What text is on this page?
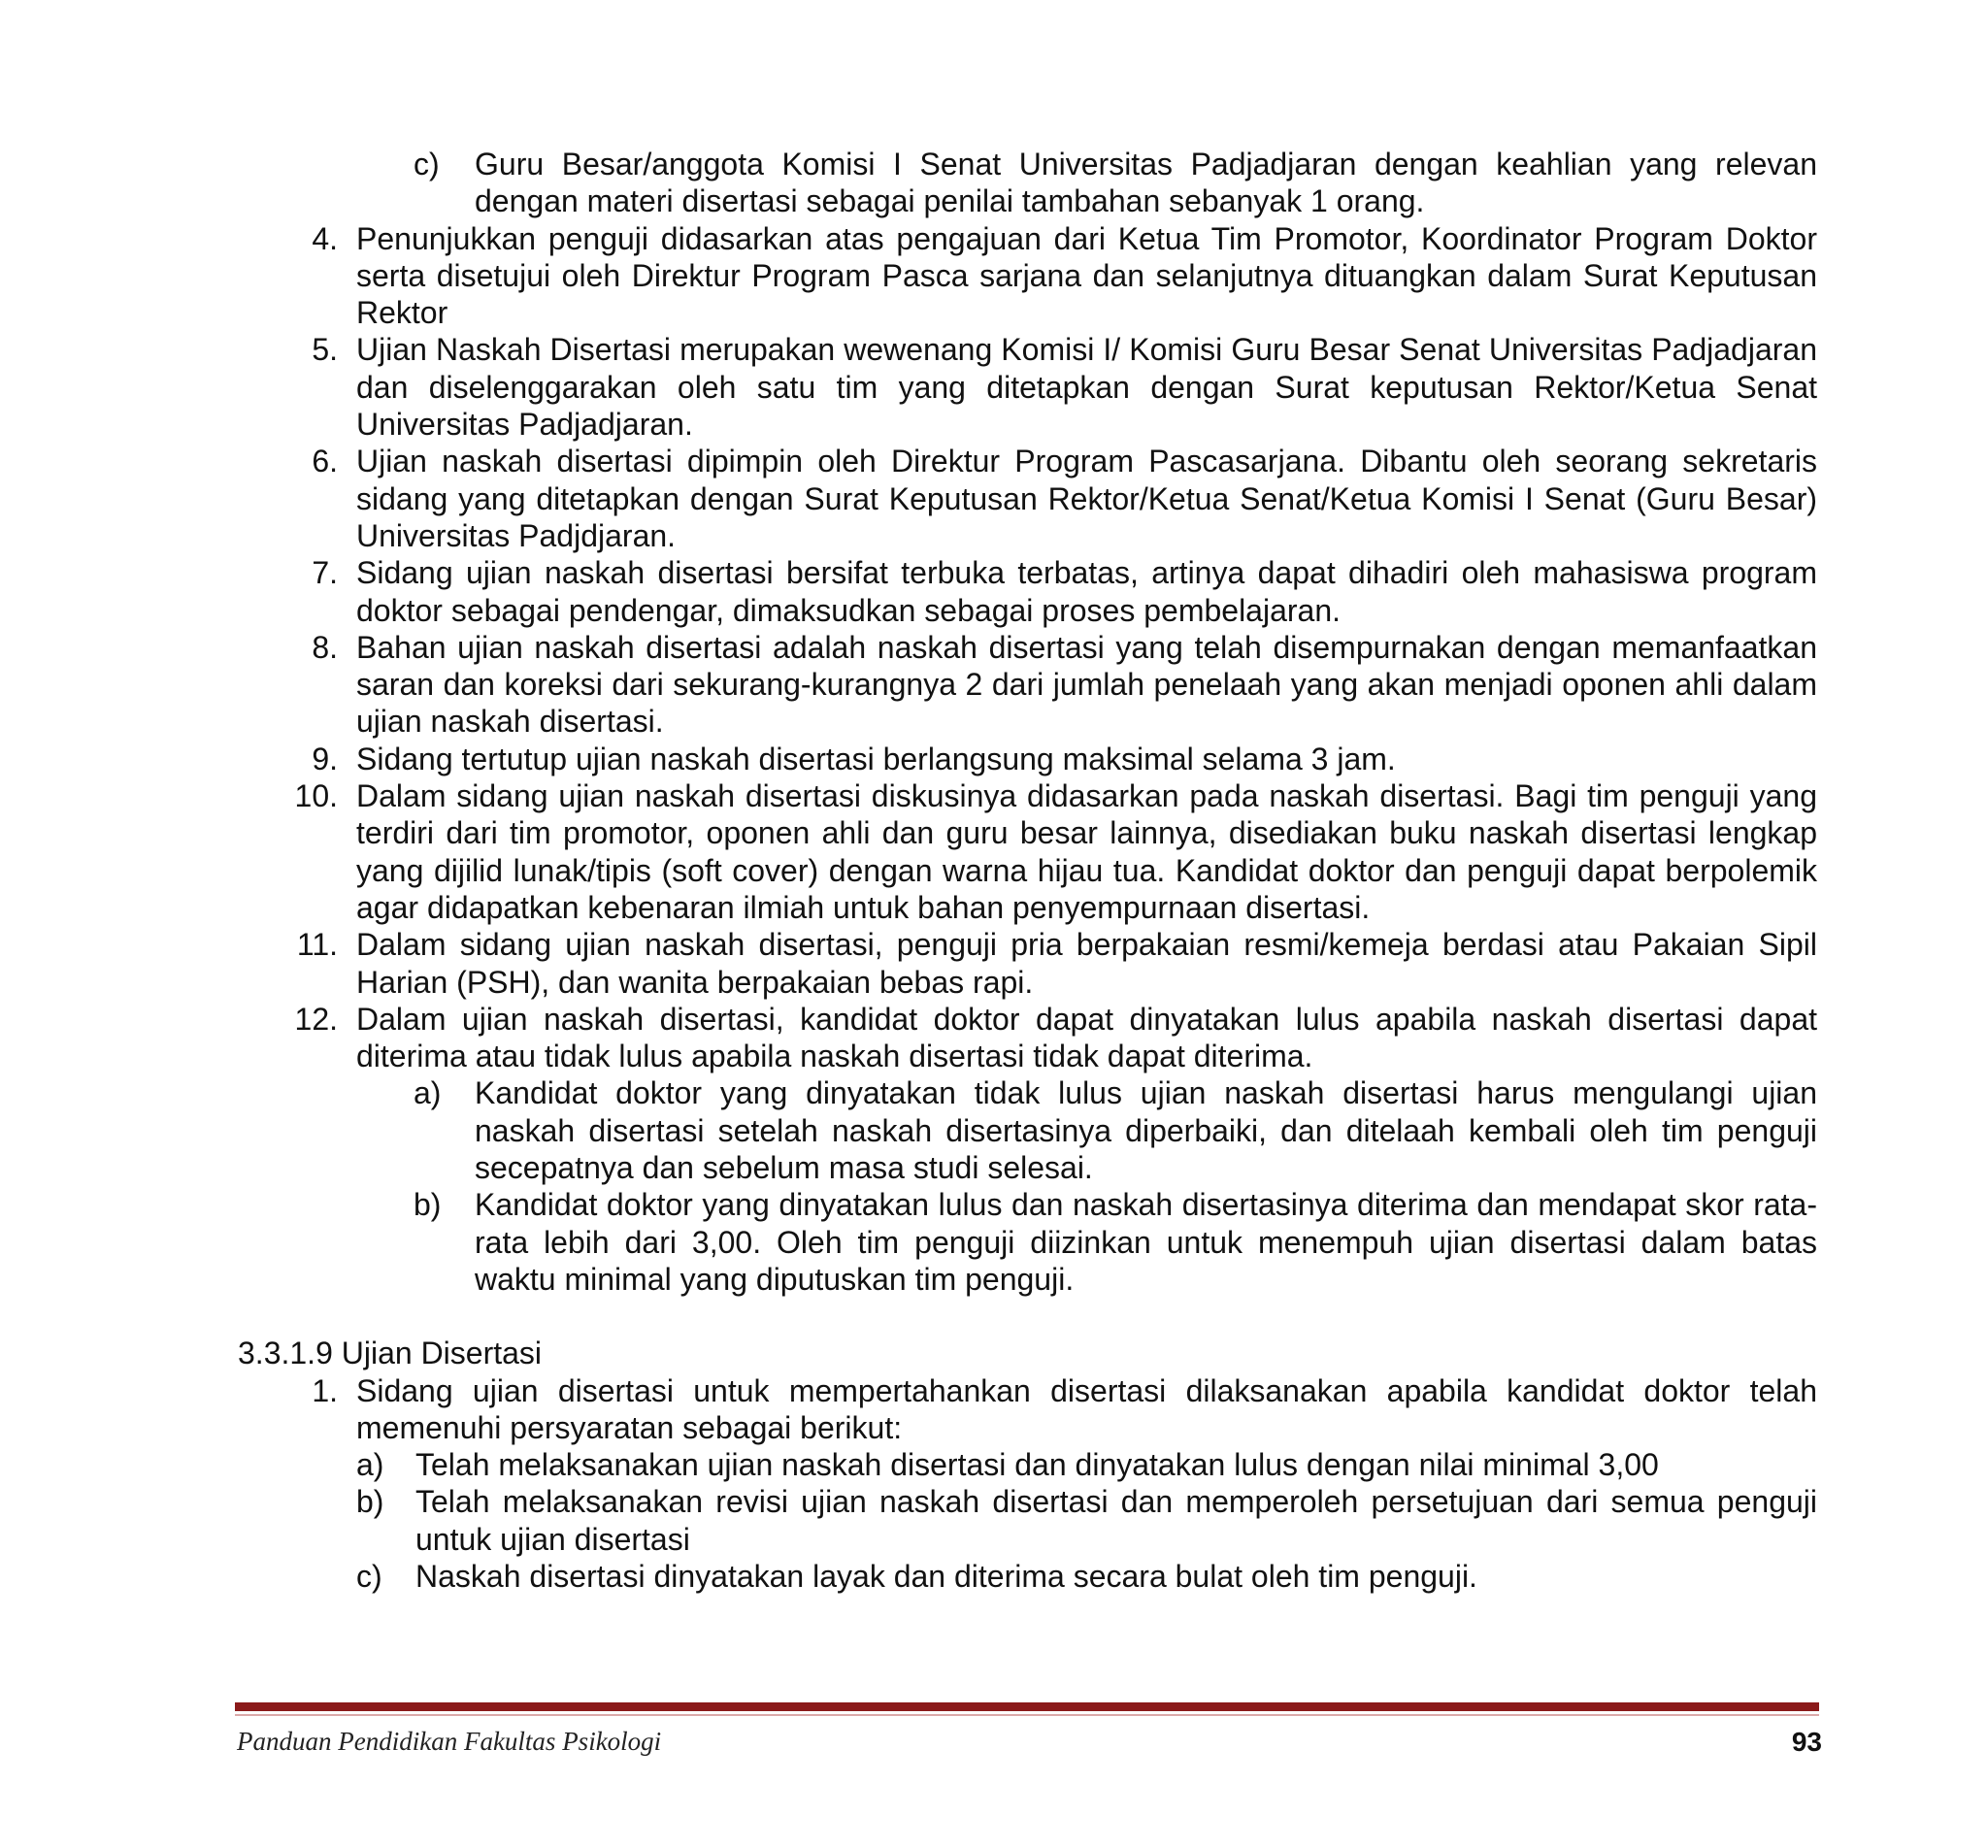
c) Guru Besar/anggota Komisi I Senat Universitas Padjadjaran dengan keahlian yang relevan dengan materi disertasi sebagai penilai tambahan sebanyak 1 orang.
4. Penunjukkan penguji didasarkan atas pengajuan dari Ketua Tim Promotor, Koordinator Program Doktor serta disetujui oleh Direktur Program Pasca sarjana dan selanjutnya dituangkan dalam Surat Keputusan Rektor
5. Ujian Naskah Disertasi merupakan wewenang Komisi I/ Komisi Guru Besar Senat Universitas Padjadjaran dan diselenggarakan oleh satu tim yang ditetapkan dengan Surat keputusan Rektor/Ketua Senat Universitas Padjadjaran.
6. Ujian naskah disertasi dipimpin oleh Direktur Program Pascasarjana. Dibantu oleh seorang sekretaris sidang yang ditetapkan dengan Surat Keputusan Rektor/Ketua Senat/Ketua Komisi I Senat (Guru Besar) Universitas Padjdjaran.
7. Sidang ujian naskah disertasi bersifat terbuka terbatas, artinya dapat dihadiri oleh mahasiswa program doktor sebagai pendengar, dimaksudkan sebagai proses pembelajaran.
8. Bahan ujian naskah disertasi adalah naskah disertasi yang telah disempurnakan dengan memanfaatkan saran dan koreksi dari sekurang-kurangnya 2 dari jumlah penelaah yang akan menjadi oponen ahli dalam ujian naskah disertasi.
9. Sidang tertutup ujian naskah disertasi berlangsung maksimal selama 3 jam.
10. Dalam sidang ujian naskah disertasi diskusinya didasarkan pada naskah disertasi. Bagi tim penguji yang terdiri dari tim promotor, oponen ahli dan guru besar lainnya, disediakan buku naskah disertasi lengkap yang dijilid lunak/tipis (soft cover) dengan warna hijau tua. Kandidat doktor dan penguji dapat berpolemik agar didapatkan kebenaran ilmiah untuk bahan penyempurnaan disertasi.
11. Dalam sidang ujian naskah disertasi, penguji pria berpakaian resmi/kemeja berdasi atau Pakaian Sipil Harian (PSH), dan wanita berpakaian bebas rapi.
12. Dalam ujian naskah disertasi, kandidat doktor dapat dinyatakan lulus apabila naskah disertasi dapat diterima atau tidak lulus apabila naskah disertasi tidak dapat diterima.
a) Kandidat doktor yang dinyatakan tidak lulus ujian naskah disertasi harus mengulangi ujian naskah disertasi setelah naskah disertasinya diperbaiki, dan ditelaah kembali oleh tim penguji secepatnya dan sebelum masa studi selesai.
b) Kandidat doktor yang dinyatakan lulus dan naskah disertasinya diterima dan mendapat skor rata-rata lebih dari 3,00. Oleh tim penguji diizinkan untuk menempuh ujian disertasi dalam batas waktu minimal yang diputuskan tim penguji.
3.3.1.9 Ujian Disertasi
1. Sidang ujian disertasi untuk mempertahankan disertasi dilaksanakan apabila kandidat doktor telah memenuhi persyaratan sebagai berikut:
a) Telah melaksanakan ujian naskah disertasi dan dinyatakan lulus dengan nilai minimal 3,00
b) Telah melaksanakan revisi ujian naskah disertasi dan memperoleh persetujuan dari semua penguji untuk ujian disertasi
c) Naskah disertasi dinyatakan layak dan diterima secara bulat oleh tim penguji.
Panduan Pendidikan Fakultas Psikologi	93
